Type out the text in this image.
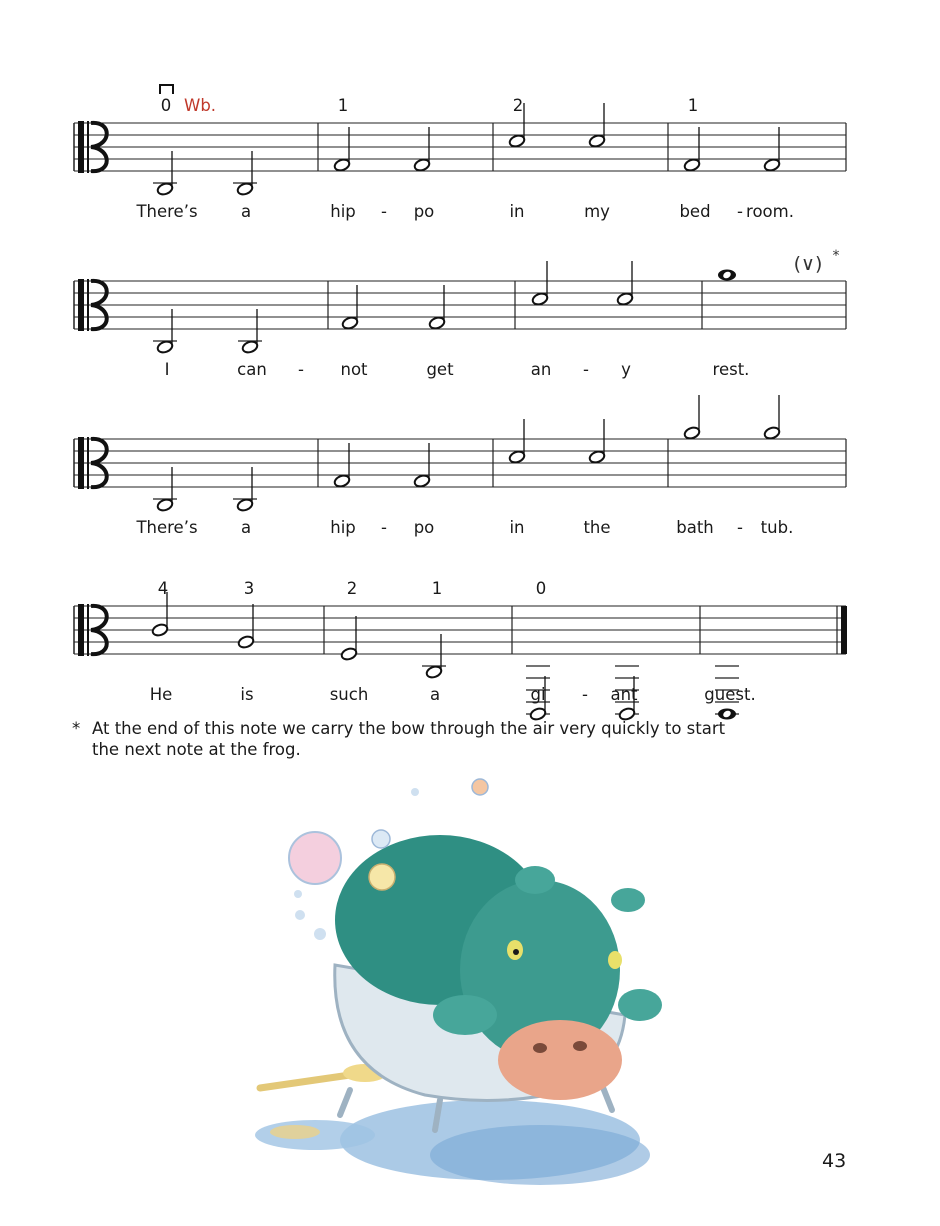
There’s	a	hip - po	in	my	bed - room.
0	1	2	1
Wb.
I	can - not	get	an - y	rest.
(∨) *
There’s	a	hip - po	in	the	bath - tub.
He	is	such	a	gi - ant	guest.
4	3	2	1	0
* At the end of this note we carry the bow through the air very quickly to start
the next note at the frog.
43
